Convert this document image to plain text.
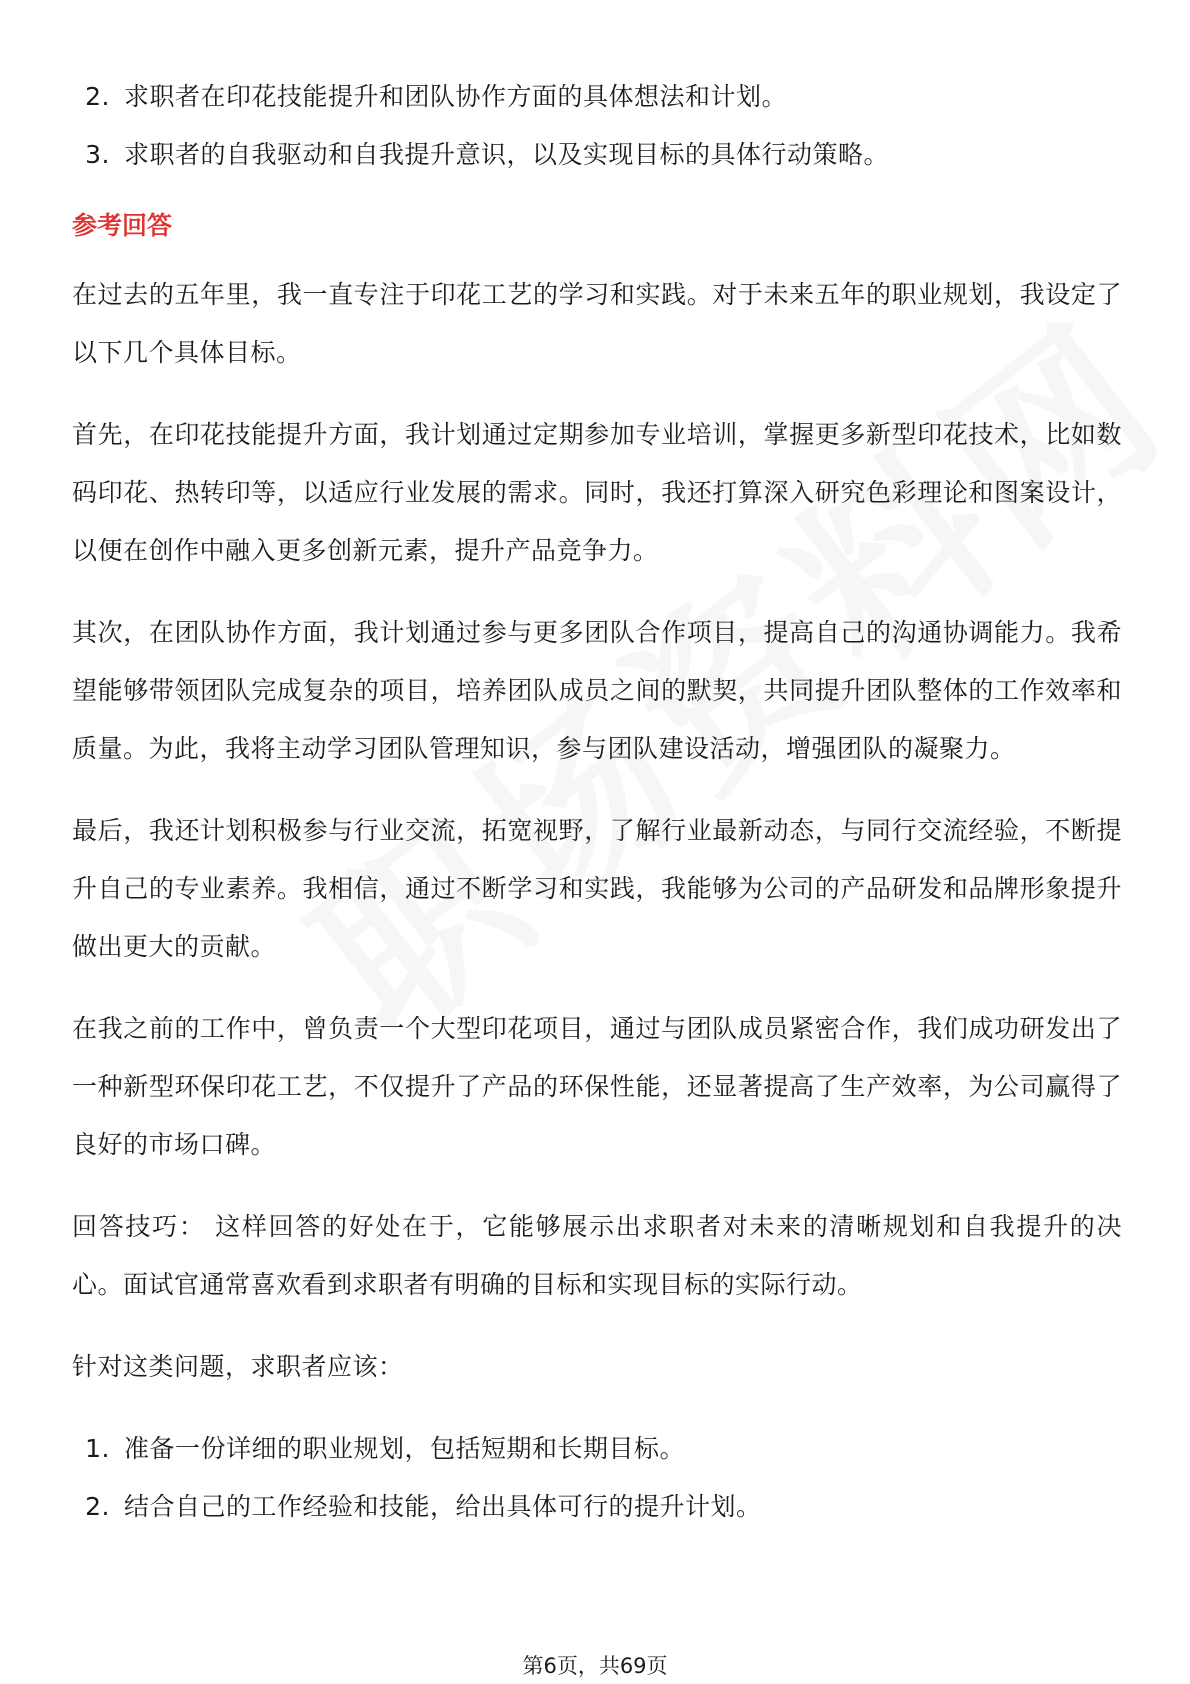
2. 求职者在印花技能提升和团队协作方面的具体想法和计划。
3. 求职者的自我驱动和自我提升意识，以及实现目标的具体行动策略。
参考回答

在过去的五年里，我一直专注于印花工艺的学习和实践。对于未来五年的职业规划，我设定了以下几个具体目标。

首先，在印花技能提升方面，我计划通过定期参加专业培训，掌握更多新型印花技术，比如数码印花、热转印等，以适应行业发展的需求。同时，我还打算深入研究色彩理论和图案设计，以便在创作中融入更多创新元素，提升产品竞争力。

其次，在团队协作方面，我计划通过参与更多团队合作项目，提高自己的沟通协调能力。我希望能够带领团队完成复杂的项目，培养团队成员之间的默契，共同提升团队整体的工作效率和质量。为此，我将主动学习团队管理知识，参与团队建设活动，增强团队的凝聚力。

最后，我还计划积极参与行业交流，拓宽视野，了解行业最新动态，与同行交流经验，不断提升自己的专业素养。我相信，通过不断学习和实践，我能够为公司的产品研发和品牌形象提升做出更大的贡献。

在我之前的工作中，曾负责一个大型印花项目，通过与团队成员紧密合作，我们成功研发出了一种新型环保印花工艺，不仅提升了产品的环保性能，还显著提高了生产效率，为公司赢得了良好的市场口碑。

回答技巧： 这样回答的好处在于，它能够展示出求职者对未来的清晰规划和自我提升的决心。面试官通常喜欢看到求职者有明确的目标和实现目标的实际行动。

针对这类问题，求职者应该：

1. 准备一份详细的职业规划，包括短期和长期目标。
2. 结合自己的工作经验和技能，给出具体可行的提升计划。
第6页，共69页
